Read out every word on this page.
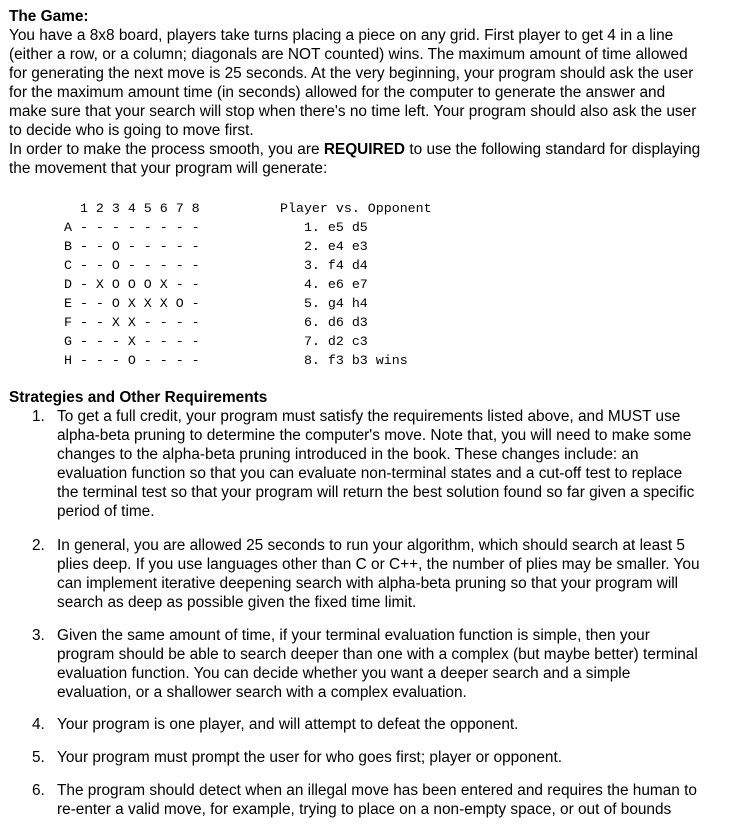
The Game:
You have a 8x8 board, players take turns placing a piece on any grid. First player to get 4 in a line
(either a row, or a column; diagonals are NOT counted) wins. The maximum amount of time allowed
for generating the next move is 25 seconds. At the very beginning, your program should ask the user
for the maximum amount time (in seconds) allowed for the computer to generate the answer and
make sure that your search will stop when there's no time left. Your program should also ask the user
to decide who is going to move first.
In order to make the process smooth, you are REQUIRED to use the following standard for displaying
the movement that your program will generate:
1 2 3 4 5 6 7 8
A - - - - - - - -
B - - O - - - - -
C - - O - - - - -
D - X O O O X - -
E - - O X X X O -
F - - X X - - - -
G - - - X - - - -
H - - - O - - - -
Player vs. Opponent
1. e5 d5
2. e4 e3
3. f4 d4
4. e6 e7
5. g4 h4
6. d6 d3
7. d2 c3
8. f3 b3 wins
Strategies and Other Requirements
1. To get a full credit, your program must satisfy the requirements listed above, and MUST use
alpha-beta pruning to determine the computer's move. Note that, you will need to make some
changes to the alpha-beta pruning introduced in the book. These changes include: an
evaluation function so that you can evaluate non-terminal states and a cut-off test to replace
the terminal test so that your program will return the best solution found so far given a specific
period of time.
2. In general, you are allowed 25 seconds to run your algorithm, which should search at least 5
plies deep. If you use languages other than C or C++, the number of plies may be smaller. You
can implement iterative deepening search with alpha-beta pruning so that your program will
search as deep as possible given the fixed time limit.
3. Given the same amount of time, if your terminal evaluation function is simple, then your
program should be able to search deeper than one with a complex (but maybe better) terminal
evaluation function. You can decide whether you want a deeper search and a simple
evaluation, or a shallower search with a complex evaluation.
4. Your program is one player, and will attempt to defeat the opponent.
5. Your program must prompt the user for who goes first; player or opponent.
6. The program should detect when an illegal move has been entered and requires the human to
re-enter a valid move, for example, trying to place on a non-empty space, or out of bounds
